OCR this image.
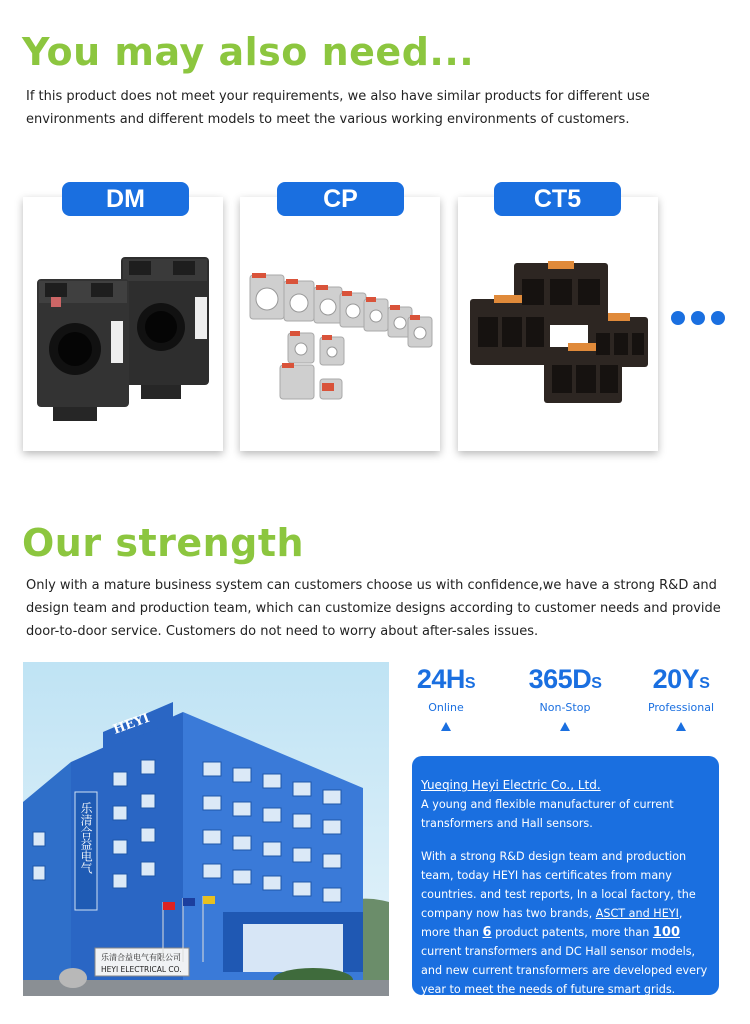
You may also need...
If this product does not meet your requirements, we also have similar products for different use environments and different models to meet the various working environments of customers.
DM	CP	CT5
Our strength
Only with a mature business system can customers choose us with confidence,we have a strong R&D and design team and production team, which can customize designs according to customer needs and provide door-to-door service. Customers do not need to worry about after-sales issues.
HEYI
乐清合益电气
乐清合益电气有限公司
HEYI ELECTRICAL CO.
24HS
Online
365DS
Non-Stop
20YS
Professional
Yueqing Heyi Electric Co., Ltd.
A young and flexible manufacturer of current transformers and Hall sensors.
With a strong R&D design team and production team, today HEYI has certificates from many countries. and test reports, In a local factory, the company now has two brands, ASCT and HEYI, more than 6 product patents, more than 100 current transformers and DC Hall sensor models, and new current transformers are developed every year to meet the needs of future smart grids.
